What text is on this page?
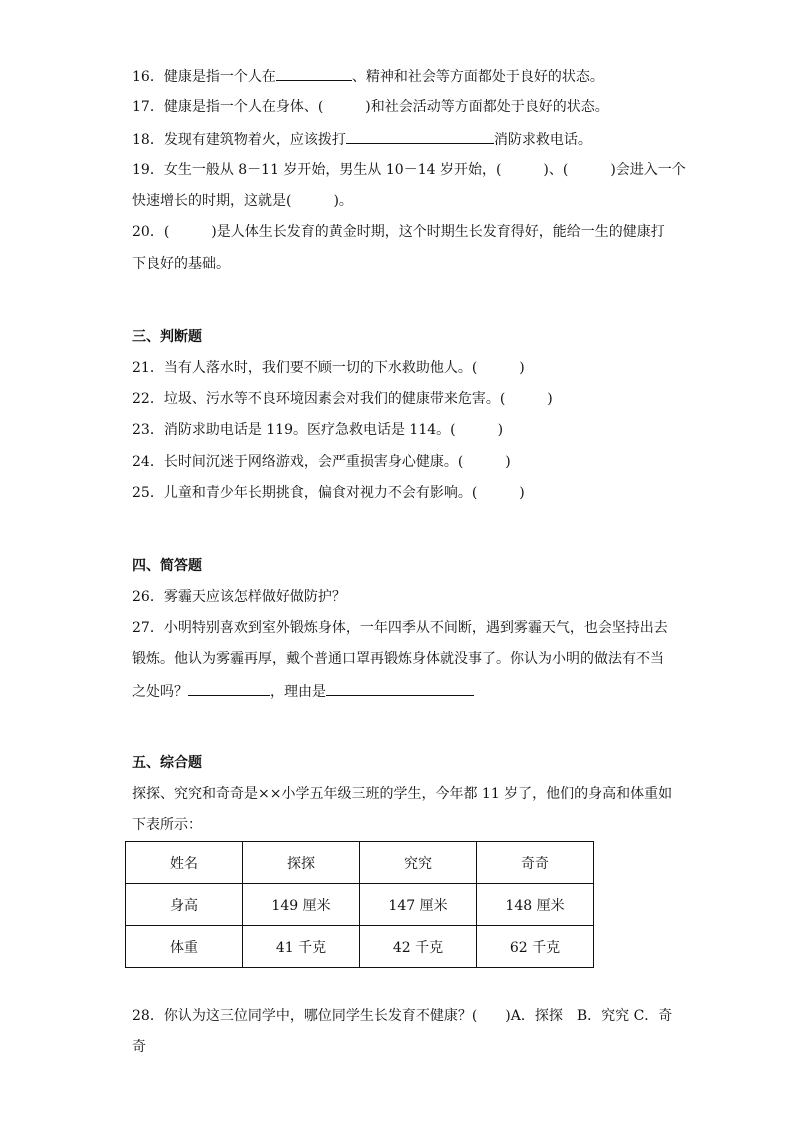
16．健康是指一个人在	、精神和社会等方面都处于良好的状态。
17．健康是指一个人在身体、(　　　)和社会活动等方面都处于良好的状态。
18．发现有建筑物着火，应该拨打	消防求救电话。
19．女生一般从 8－11 岁开始，男生从 10－14 岁开始，(　　　)、(　　　)会进入一个
快速增长的时期，这就是(　　　)。
20．(　　　)是人体生长发育的黄金时期，这个时期生长发育得好，能给一生的健康打
下良好的基础。
三、判断题
21．当有人落水时，我们要不顾一切的下水救助他人。(　　　)
22．垃圾、污水等不良环境因素会对我们的健康带来危害。(　　　)
23．消防求助电话是 119。医疗急救电话是 114。(　　　)
24．长时间沉迷于网络游戏，会严重损害身心健康。(　　　)
25．儿童和青少年长期挑食，偏食对视力不会有影响。(　　　)
四、简答题
26．雾霾天应该怎样做好做防护？
27．小明特别喜欢到室外锻炼身体，一年四季从不间断，遇到雾霾天气，也会坚持出去
锻炼。他认为雾霾再厚，戴个普通口罩再锻炼身体就没事了。你认为小明的做法有不当
之处吗？	，理由是
五、综合题
探探、究究和奇奇是××小学五年级三班的学生，今年都 11 岁了，他们的身高和体重如
下表所示：
姓名	探探	究究	奇奇
身高	149 厘米	147 厘米	148 厘米
体重	41 千克	42 千克	62 千克
28．你认为这三位同学中，哪位同学生长发育不健康？(　　)A．探探　B．究究 C．奇
奇
